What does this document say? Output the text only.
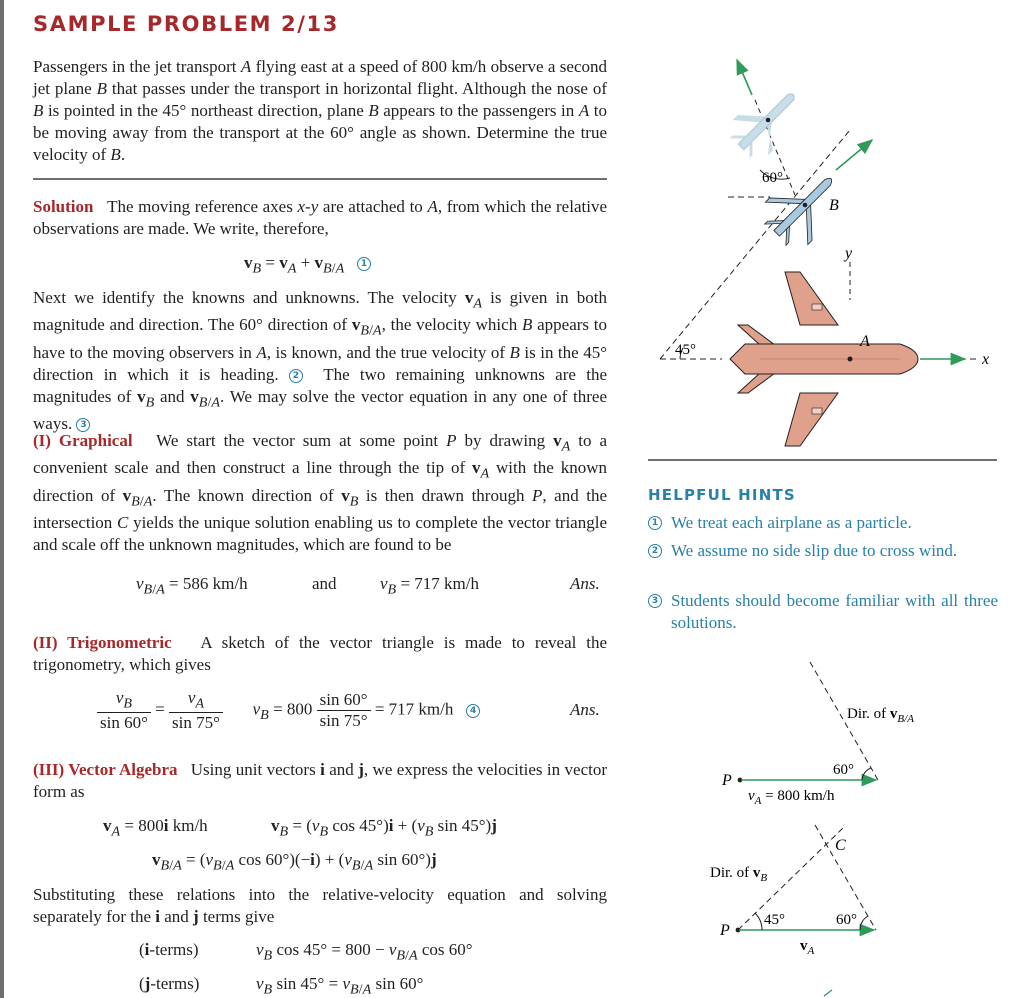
SAMPLE PROBLEM 2/13

Passengers in the jet transport A flying east at a speed of 800 km/h observe a second jet plane B that passes under the transport in horizontal flight. Although the nose of B is pointed in the 45° northeast direction, plane B appears to the passengers in A to be moving away from the transport at the 60° angle as shown. Determine the true velocity of B.

Solution   The moving reference axes x-y are attached to A, from which the relative observations are made. We write, therefore,

$v_B = v_A + v_{B/A}$ 1

Next we identify the knowns and unknowns. The velocity $v_A$ is given in both magnitude and direction. The 60° direction of $v_{B/A}$, the velocity which B appears to have to the moving observers in A, is known, and the true velocity of B is in the 45° direction in which it is heading. 2  The two remaining unknowns are the magnitudes of $v_B$ and $v_{B/A}$. We may solve the vector equation in any one of three ways. 3

(I) Graphical   We start the vector sum at some point P by drawing $v_A$ to a convenient scale and then construct a line through the tip of $v_A$ with the known direction of $v_{B/A}$. The known direction of $v_B$ is then drawn through P, and the intersection C yields the unique solution enabling us to complete the vector triangle and scale off the unknown magnitudes, which are found to be

$v_{B/A} = 586$ km/h	and	$v_B = 717$ km/h	Ans.

(II) Trigonometric   A sketch of the vector triangle is made to reveal the trigonometry, which gives

$\frac{v_B}{\sin 60^\circ} = \frac{v_A}{\sin 75^\circ} v_B = 800 \frac{\sin 60^\circ}{\sin 75^\circ} = 717$ km/h 4	Ans.

(III) Vector Algebra   Using unit vectors i and j, we express the velocities in vector form as

$v_A = 800i$ km/h	$v_B = (v_B$ $\cos 45^\circ)i + (v_B$ sin 45°)j
$v_{B/A} = (v_{B/A}$ $\cos 60^\circ)(-i) + (v_{B/A}$ sin 60°)j

Substituting these relations into the relative-velocity equation and solving separately for the i and j terms give

(i-terms)	$v_B$ $\cos 45^\circ = 800 - v_{B/A}$ cos 60°
(j-terms)	$v_B$ $\sin 45^\circ = v_{B/A}$ sin 60°
60°
45°	A
B
y
x
HELPFUL HINTS
1 We treat each airplane as a particle.
2 We assume no side slip due to cross wind.
3 Students should become familiar with all three solutions.
Dir. of $v_{B/A}$
60°
P
$v_A = 800$ km/h
C
Dir. of $v_B$
45°	60°
P
$v_A$
